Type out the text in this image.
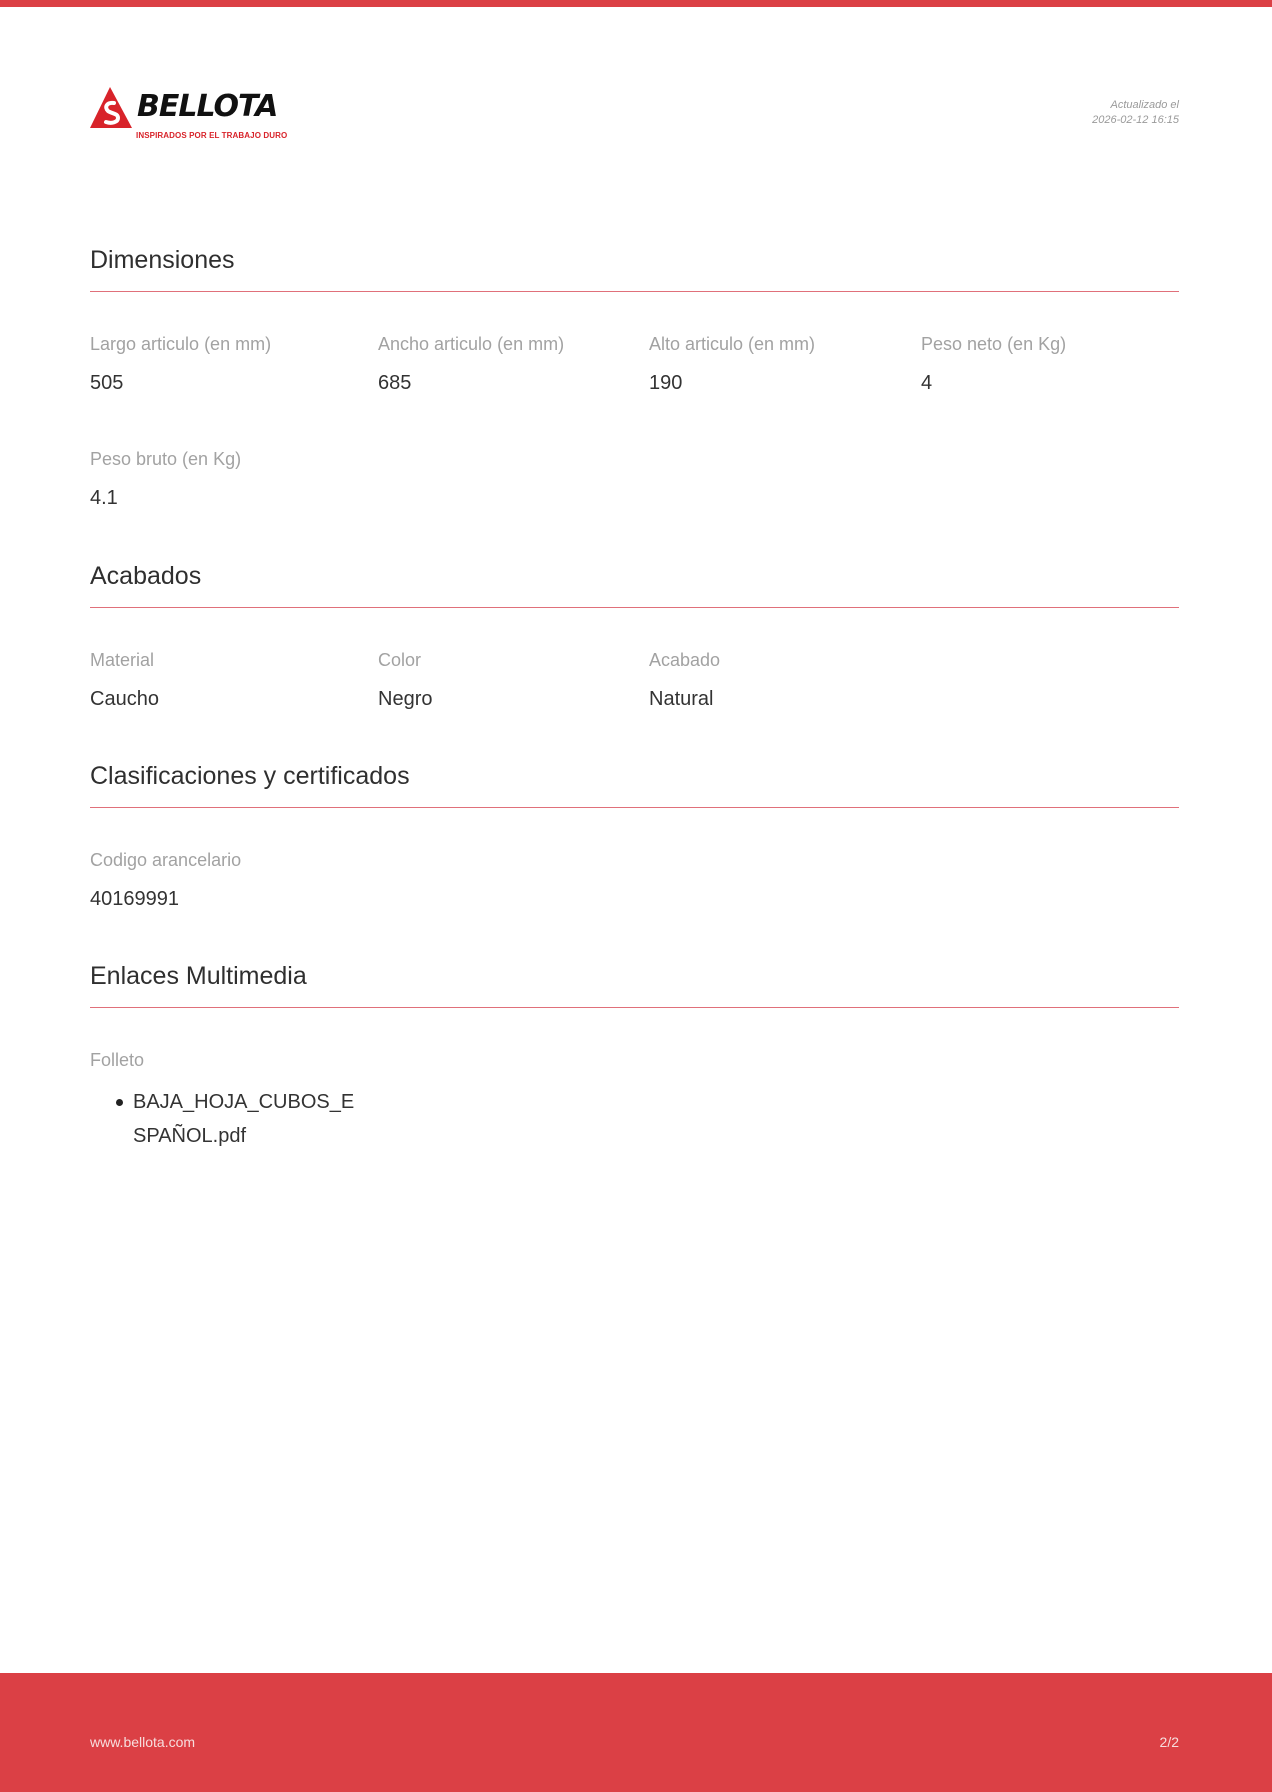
BELLOTA
INSPIRADOS POR EL TRABAJO DURO
Actualizado el
2026-02-12 16:15
Dimensiones
Largo articulo (en mm)
505
Ancho articulo (en mm)
685
Alto articulo (en mm)
190
Peso neto (en Kg)
4
Peso bruto (en Kg)
4.1
Acabados
Material
Caucho
Color
Negro
Acabado
Natural
Clasificaciones y certificados
Codigo arancelario
40169991
Enlaces Multimedia
Folleto
BAJA_HOJA_CUBOS_ESPAÑOL.pdf
www.bellota.com	2/2
